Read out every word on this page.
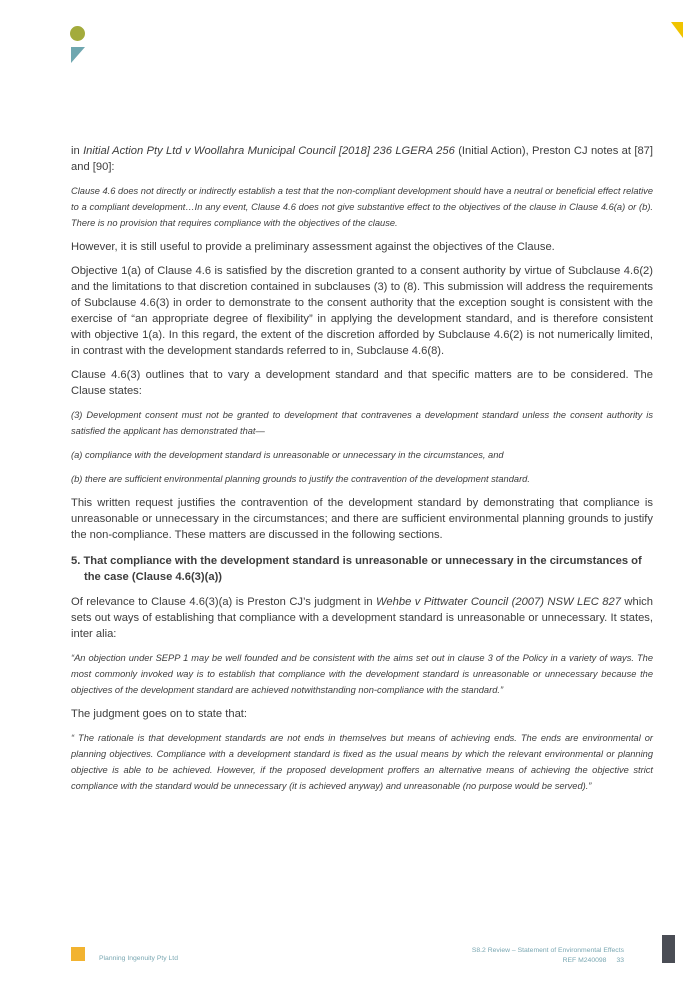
in Initial Action Pty Ltd v Woollahra Municipal Council [2018] 236 LGERA 256 (Initial Action), Preston CJ notes at [87] and [90]:

Clause 4.6 does not directly or indirectly establish a test that the non-compliant development should have a neutral or beneficial effect relative to a compliant development…In any event, Clause 4.6 does not give substantive effect to the objectives of the clause in Clause 4.6(a) or (b). There is no provision that requires compliance with the objectives of the clause.

However, it is still useful to provide a preliminary assessment against the objectives of the Clause.

Objective 1(a) of Clause 4.6 is satisfied by the discretion granted to a consent authority by virtue of Subclause 4.6(2) and the limitations to that discretion contained in subclauses (3) to (8). This submission will address the requirements of Subclause 4.6(3) in order to demonstrate to the consent authority that the exception sought is consistent with the exercise of “an appropriate degree of flexibility” in applying the development standard, and is therefore consistent with objective 1(a). In this regard, the extent of the discretion afforded by Subclause 4.6(2) is not numerically limited, in contrast with the development standards referred to in, Subclause 4.6(8).

Clause 4.6(3) outlines that to vary a development standard and that specific matters are to be considered. The Clause states:

(3) Development consent must not be granted to development that contravenes a development standard unless the consent authority is satisfied the applicant has demonstrated that—

(a) compliance with the development standard is unreasonable or unnecessary in the circumstances, and

(b) there are sufficient environmental planning grounds to justify the contravention of the development standard.

This written request justifies the contravention of the development standard by demonstrating that compliance is unreasonable or unnecessary in the circumstances; and there are sufficient environmental planning grounds to justify the non-compliance. These matters are discussed in the following sections.

5. That compliance with the development standard is unreasonable or unnecessary in the circumstances of the case (Clause 4.6(3)(a))

Of relevance to Clause 4.6(3)(a) is Preston CJ’s judgment in Wehbe v Pittwater Council (2007) NSW LEC 827 which sets out ways of establishing that compliance with a development standard is unreasonable or unnecessary. It states, inter alia:

“An objection under SEPP 1 may be well founded and be consistent with the aims set out in clause 3 of the Policy in a variety of ways. The most commonly invoked way is to establish that compliance with the development standard is unreasonable or unnecessary because the objectives of the development standard are achieved notwithstanding non-compliance with the standard.”

The judgment goes on to state that:

“ The rationale is that development standards are not ends in themselves but means of achieving ends. The ends are environmental or planning objectives. Compliance with a development standard is fixed as the usual means by which the relevant environmental or planning objective is able to be achieved. However, if the proposed development proffers an alternative means of achieving the objective strict compliance with the standard would be unnecessary (it is achieved anyway) and unreasonable (no purpose would be served).”

Planning Ingenuity Pty Ltd
S8.2 Review – Statement of Environmental Effects
REF M240098 33
